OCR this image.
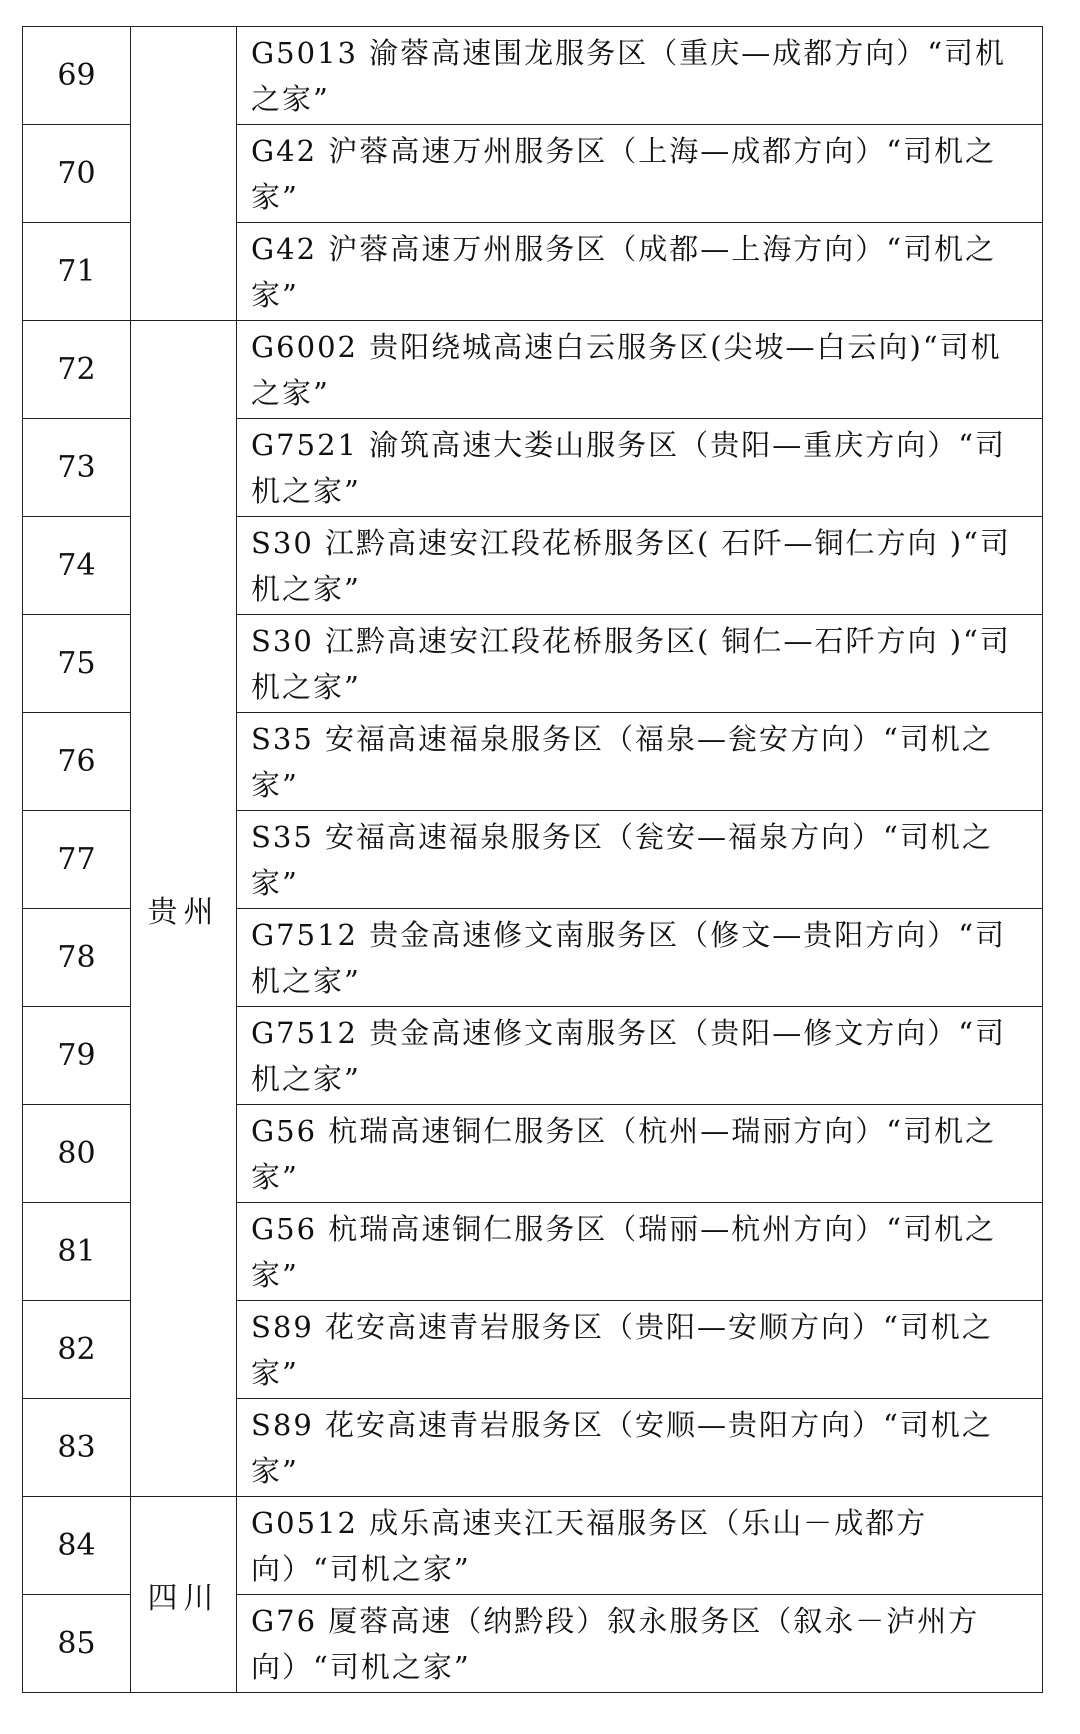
69		G5013 渝蓉高速围龙服务区（重庆—成都方向）“司机之家”
70		G42 沪蓉高速万州服务区（上海—成都方向）“司机之家”
71		G42 沪蓉高速万州服务区（成都—上海方向）“司机之家”
72	贵州	G6002 贵阳绕城高速白云服务区(尖坡—白云向)“司机之家”
73		G7521 渝筑高速大娄山服务区（贵阳—重庆方向）“司机之家”
74		S30 江黔高速安江段花桥服务区( 石阡—铜仁方向 )“司机之家”
75		S30 江黔高速安江段花桥服务区( 铜仁—石阡方向 )“司机之家”
76		S35 安福高速福泉服务区（福泉—瓮安方向）“司机之家”
77		S35 安福高速福泉服务区（瓮安—福泉方向）“司机之家”
78		G7512 贵金高速修文南服务区（修文—贵阳方向）“司机之家”
79		G7512 贵金高速修文南服务区（贵阳—修文方向）“司机之家”
80		G56 杭瑞高速铜仁服务区（杭州—瑞丽方向）“司机之家”
81		G56 杭瑞高速铜仁服务区（瑞丽—杭州方向）“司机之家”
82		S89 花安高速青岩服务区（贵阳—安顺方向）“司机之家”
83		S89 花安高速青岩服务区（安顺—贵阳方向）“司机之家”
84	四川	G0512 成乐高速夹江天福服务区（乐山－成都方向）“司机之家”
85		G76 厦蓉高速（纳黔段）叙永服务区（叙永－泸州方向）“司机之家”
